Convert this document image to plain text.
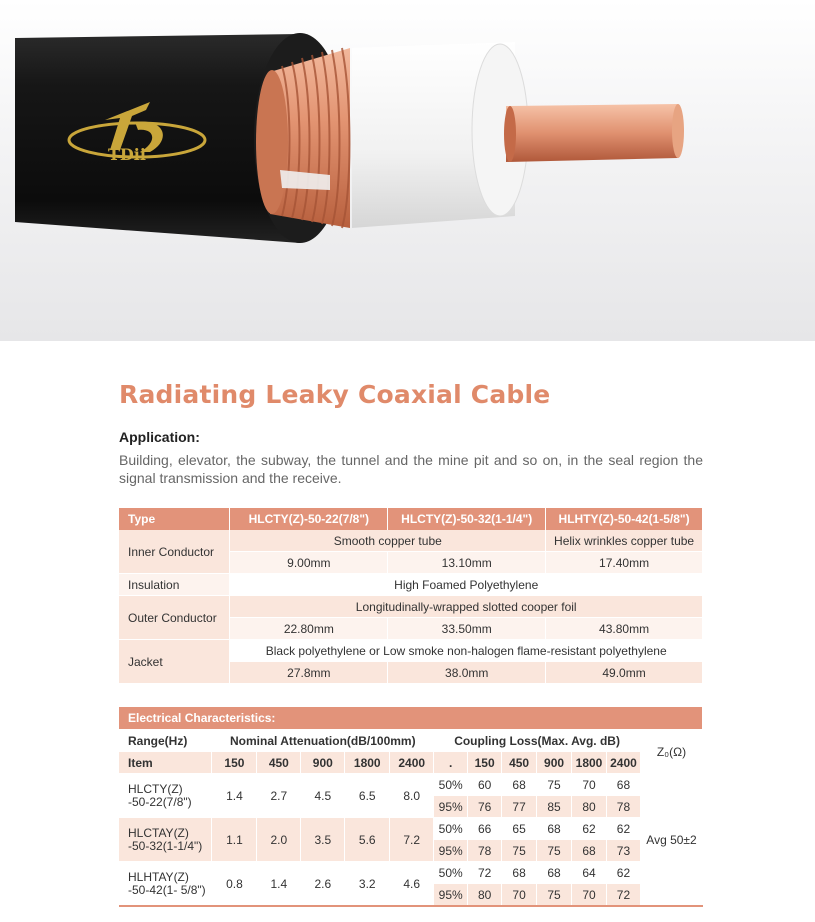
TDii
Radiating Leaky Coaxial Cable
Application:
Building, elevator, the subway, the tunnel and the mine pit and so on, in the seal region the signal transmission and the receive.
Type	HLCTY(Z)-50-22(7/8")	HLCTY(Z)-50-32(1-1/4")	HLHTY(Z)-50-42(1-5/8")
Inner Conductor	Smooth copper tube		Helix wrinkles copper tube
	9.00mm	13.10mm	17.40mm
Insulation	High Foamed Polyethylene		
Outer Conductor	Longitudinally-wrapped slotted cooper foil		
	22.80mm	33.50mm	43.80mm
Jacket	Black polyethylene or Low smoke non-halogen flame-resistant polyethylene		
	27.8mm	38.0mm	49.0mm
Electrical Characteristics:												
Range(Hz)	Nominal Attenuation(dB/100mm)					Coupling Loss(Max. Avg. dB)						Z₀(Ω)
Item	150	450	900	1800	2400	.	150	450	900	1800	2400	
HLCTY(Z)
-50-22(7/8")	1.4	2.7	4.5	6.5	8.0	50%	60	68	75	70	68	Avg 50±2
						95%	76	77	85	80	78	
HLCTAY(Z)
-50-32(1-1/4")	1.1	2.0	3.5	5.6	7.2	50%	66	65	68	62	62	
						95%	78	75	75	68	73	
HLHTAY(Z)
-50-42(1- 5/8")	0.8	1.4	2.6	3.2	4.6	50%	72	68	68	64	62	
						95%	80	70	75	70	72	
